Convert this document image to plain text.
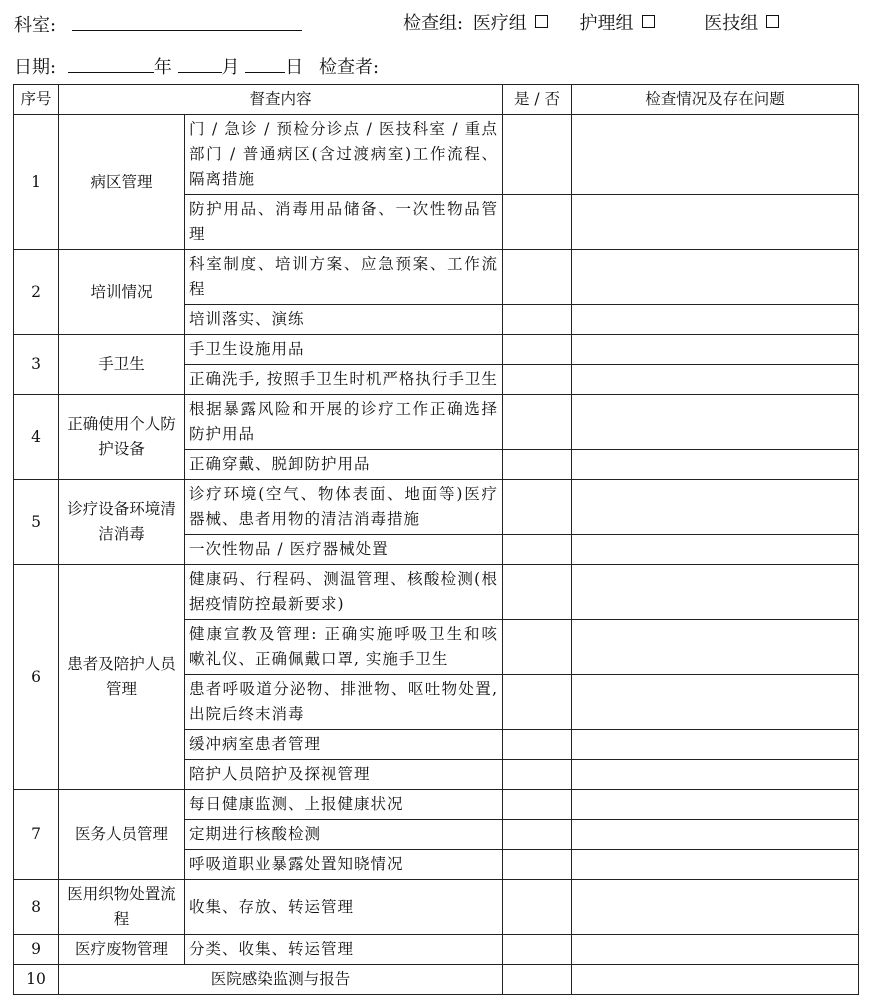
科室:	检查组: 医疗组	护理组	医技组
日期:	年	月	日 检查者:
序号	督查内容		是 / 否	检查情况及存在问题
1	病区管理	门 / 急诊 / 预检分诊点 / 医技科室 / 重点部门 / 普通病区(含过渡病室)工作流程、隔离措施		
		防护用品、消毒用品储备、一次性物品管理		
2	培训情况	科室制度、培训方案、应急预案、工作流程		
		培训落实、演练		
3	手卫生	手卫生设施用品		
		正确洗手, 按照手卫生时机严格执行手卫生		
4	正确使用个人防护设备	根据暴露风险和开展的诊疗工作正确选择防护用品		
		正确穿戴、脱卸防护用品		
5	诊疗设备环境清洁消毒	诊疗环境(空气、物体表面、地面等)医疗器械、患者用物的清洁消毒措施		
		一次性物品 / 医疗器械处置		
6	患者及陪护人员管理	健康码、行程码、测温管理、核酸检测(根据疫情防控最新要求)		
		健康宣教及管理: 正确实施呼吸卫生和咳嗽礼仪、正确佩戴口罩, 实施手卫生		
		患者呼吸道分泌物、排泄物、呕吐物处置, 出院后终末消毒		
		缓冲病室患者管理		
		陪护人员陪护及探视管理		
7	医务人员管理	每日健康监测、上报健康状况		
		定期进行核酸检测		
		呼吸道职业暴露处置知晓情况		
8	医用织物处置流程	收集、存放、转运管理		
9	医疗废物管理	分类、收集、转运管理		
10	医院感染监测与报告			
